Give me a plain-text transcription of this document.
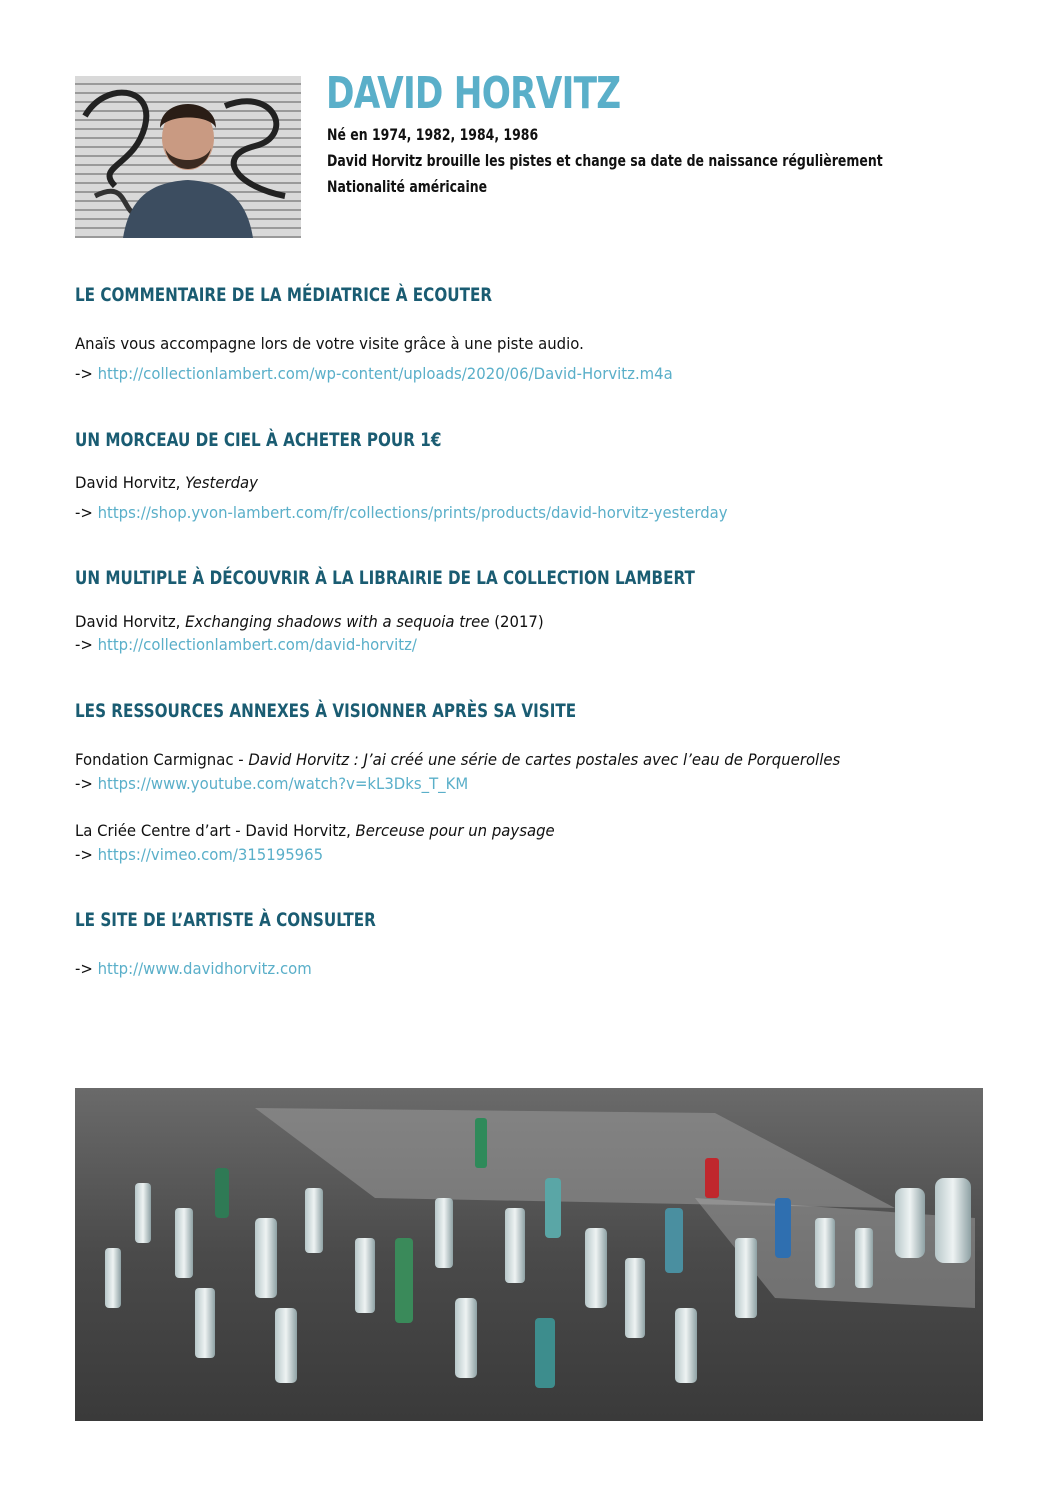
DAVID HORVITZ
Né en 1974, 1982, 1984, 1986
David Horvitz brouille les pistes et change sa date de naissance régulièrement
Nationalité américaine
LE COMMENTAIRE DE LA MÉDIATRICE À ECOUTER
Anaïs vous accompagne lors de votre visite grâce à une piste audio.
-> http://collectionlambert.com/wp-content/uploads/2020/06/David-Horvitz.m4a
UN MORCEAU DE CIEL À ACHETER POUR 1€
David Horvitz, Yesterday
-> https://shop.yvon-lambert.com/fr/collections/prints/products/david-horvitz-yesterday
UN MULTIPLE À DÉCOUVRIR À LA LIBRAIRIE DE LA COLLECTION LAMBERT
David Horvitz, Exchanging shadows with a sequoia tree (2017)
-> http://collectionlambert.com/david-horvitz/
LES RESSOURCES ANNEXES À VISIONNER APRÈS SA VISITE
Fondation Carmignac - David Horvitz : J’ai créé une série de cartes postales avec l’eau de Porquerolles
-> https://www.youtube.com/watch?v=kL3Dks_T_KM
La Criée Centre d’art - David Horvitz, Berceuse pour un paysage
-> https://vimeo.com/315195965
LE SITE DE L’ARTISTE À CONSULTER
-> http://www.davidhorvitz.com
